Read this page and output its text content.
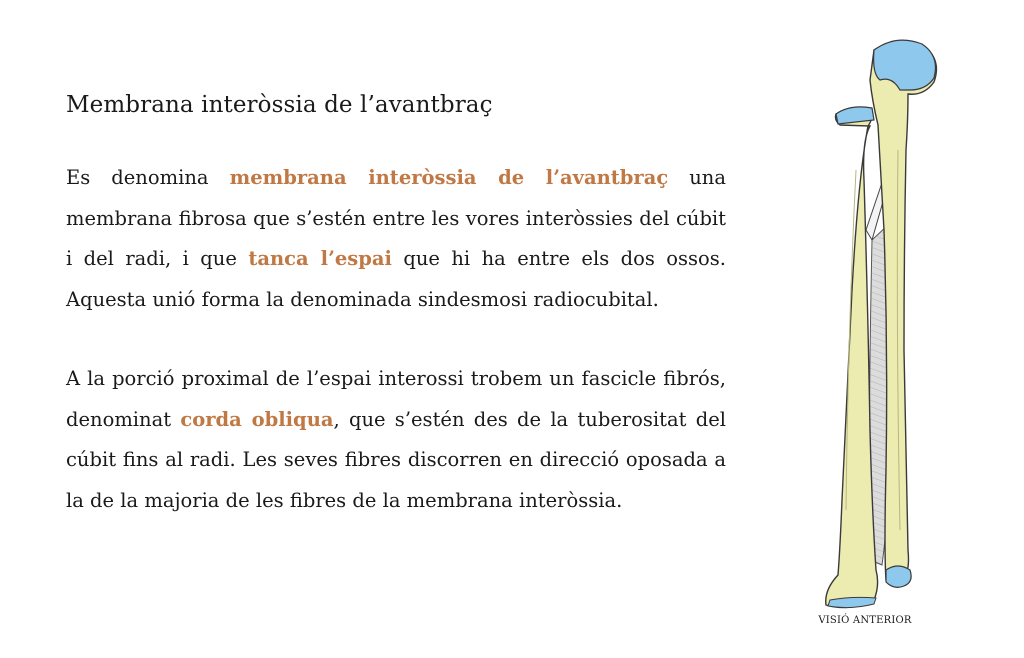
Membrana interòssia de l’avantbraç

Es denomina membrana interòssia de l’avantbraç una membrana fibrosa que s’estén entre les vores interòssies del cúbit i del radi, i que tanca l’espai que hi ha entre els dos ossos. Aquesta unió forma la denominada sindesmosi radiocubital.

A la porció proximal de l’espai interossi trobem un fascicle fibrós, denominat corda obliqua, que s’estén des de la tuberositat del cúbit fins al radi. Les seves fibres discorren en direcció oposada a la de la majoria de les fibres de la membrana interòssia.

VISIÓ ANTERIOR
